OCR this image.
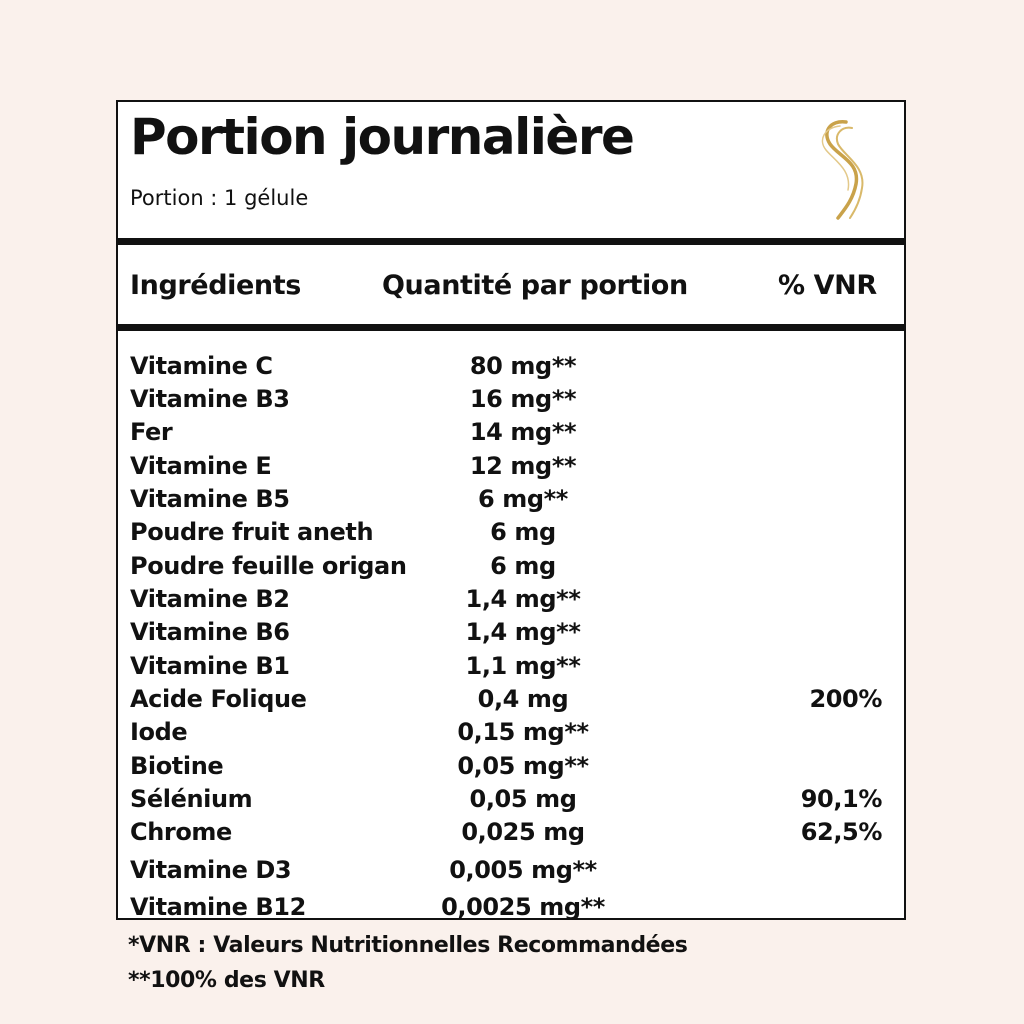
Portion journalière
Portion : 1 gélule
Ingrédients	Quantité par portion	% VNR
Vitamine C	80 mg**
Vitamine B3	16 mg**
Fer	14 mg**
Vitamine E	12 mg**
Vitamine B5	6 mg**
Poudre fruit aneth	6 mg
Poudre feuille origan	6 mg
Vitamine B2	1,4 mg**
Vitamine B6	1,4 mg**
Vitamine B1	1,1 mg**
Acide Folique	0,4 mg	200%
Iode	0,15 mg**
Biotine	0,05 mg**
Sélénium	0,05 mg	90,1%
Chrome	0,025 mg	62,5%
Vitamine D3	0,005 mg**
Vitamine B12	0,0025 mg**
*VNR : Valeurs Nutritionnelles Recommandées
**100% des VNR
